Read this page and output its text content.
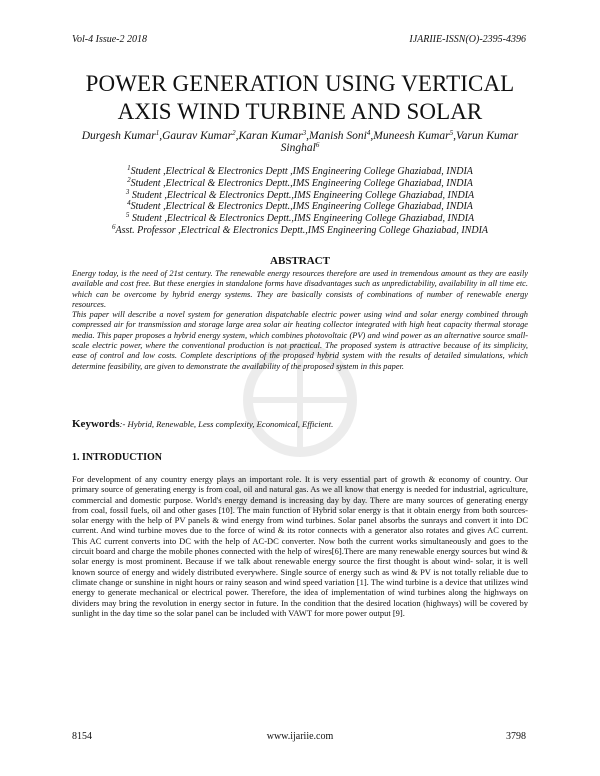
Vol-4 Issue-2 2018	IJARIIE-ISSN(O)-2395-4396
POWER GENERATION USING VERTICAL
AXIS WIND TURBINE AND SOLAR
Durgesh Kumar$^1$,Gaurav Kumar$^2$,Karan Kumar$^3$,Manish Soni$^4$,Muneesh Kumar$^5$,Varun Kumar Singhal$^6$
$^1$Student ,Electrical & Electronics Deptt ,IMS Engineering College Ghaziabad, INDIA
$^2$Student ,Electrical & Electronics Deptt.,IMS Engineering College Ghaziabad, INDIA
$^3$ Student ,Electrical & Electronics Deptt.,IMS Engineering College Ghaziabad, INDIA
$^4$Student ,Electrical & Electronics Deptt.,IMS Engineering College Ghaziabad, INDIA
$^5$ Student ,Electrical & Electronics Deptt.,IMS Engineering College Ghaziabad, INDIA
$^6$Asst. Professor ,Electrical & Electronics Deptt.,IMS Engineering College Ghaziabad, INDIA
ABSTRACT

Energy today, is the need of 21st century. The renewable energy resources therefore are used in tremendous amount as they are easily available and cost free. But these energies in standalone forms have disadvantages such as unpredictability, availability in all time etc. which can be overcome by hybrid energy systems. They are basically consists of combinations of number of renewable energy resources.

This paper will describe a novel system for generation dispatchable electric power using wind and solar energy combined through compressed air for transmission and storage large area solar air heating collector integrated with high heat capacity thermal storage media. This paper proposes a hybrid energy system, which combines photovoltaic (PV) and wind power as an alternative source small-scale electric power, where the conventional production is not practical. The proposed system is attractive because of its simplicity, ease of control and low costs. Complete descriptions of the proposed hybrid system with the results of detailed simulations, which determine feasibility, are given to demonstrate the availability of the proposed system in this paper.

Keywords:- Hybrid, Renewable, Less complexity, Economical, Efficient.
1. INTRODUCTION

For development of any country energy plays an important role. It is very essential part of growth & economy of country. Our primary source of generating energy is from coal, oil and natural gas. As we all know that energy is needed for industrial, agriculture, commercial and domestic purpose. World's energy demand is increasing day by day. There are many sources of generating energy from coal, fossil fuels, oil and other gases [10]. The main function of Hybrid solar energy is that it obtain energy from both sources-solar energy with the help of PV panels & wind energy from wind turbines. Solar panel absorbs the sunrays and convert it into DC current. And wind turbine moves due to the force of wind & its rotor connects with a generator also rotates and gives AC current. This AC current converts into DC with the help of AC-DC converter. Now both the current works simultaneously and goes to the circuit board and charge the mobile phones connected with the help of wires[6].There are many renewable energy sources but wind & solar energy is most prominent. Because if we talk about renewable energy source the first thought is about wind- solar, it is well known source of energy and widely distributed everywhere. Single source of energy such as wind & PV is not totally reliable due to climate change or sunshine in night hours or rainy season and wind speed variation [1]. The wind turbine is a device that utilizes wind energy to generate mechanical or electrical power. Therefore, the idea of implementation of wind turbines along the highways on dividers may bring the revolution in energy sector in future. In the condition that the desired location (highways) will be covered by sunlight in the day time so the solar panel can be included with VAWT for more power output [9].

8154	www.ijariie.com	3798
